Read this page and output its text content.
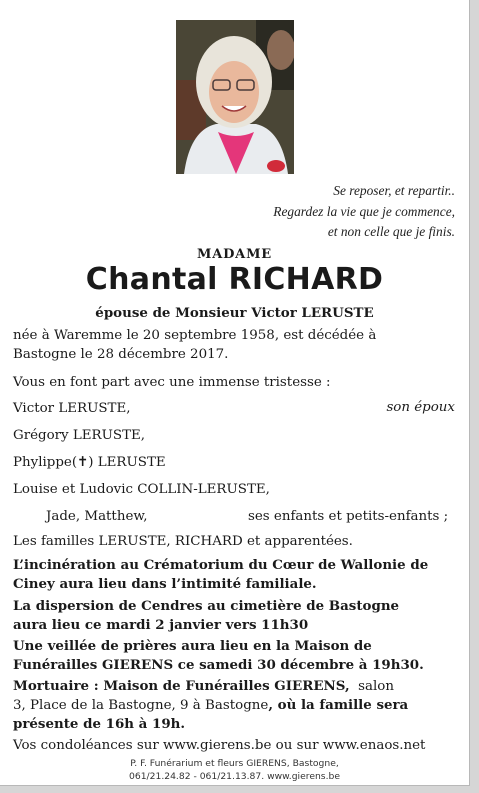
Se reposer, et repartir..
Regardez la vie que je commence,
et non celle que je finis.
MADAME
Chantal RICHARD
épouse de Monsieur Victor LERUSTE
née à Waremme le 20 septembre 1958, est décédée à
Bastogne le 28 décembre 2017.
Vous en font part avec une immense tristesse :
Victor LERUSTE,	son époux
Grégory LERUSTE,
Phylippe(✝) LERUSTE
Louise et Ludovic COLLIN-LERUSTE,
Jade, Matthew,	ses enfants et petits-enfants ;
Les familles LERUSTE, RICHARD et apparentées.
L’incinération au Crématorium du Cœur de Wallonie de
Ciney aura lieu dans l’intimité familiale.
La dispersion de Cendres au cimetière de Bastogne
aura lieu ce mardi 2 janvier vers 11h30
Une veillée de prières aura lieu en la Maison de
Funérailles GIERENS ce samedi 30 décembre à 19h30.
Mortuaire : Maison de Funérailles GIERENS, salon
3, Place de la Bastogne, 9 à Bastogne, où la famille sera
présente de 16h à 19h.
Vos condoléances sur www.gierens.be ou sur www.enaos.net
P. F. Funérarium et fleurs GIERENS, Bastogne,
061/21.24.82 - 061/21.13.87. www.gierens.be
